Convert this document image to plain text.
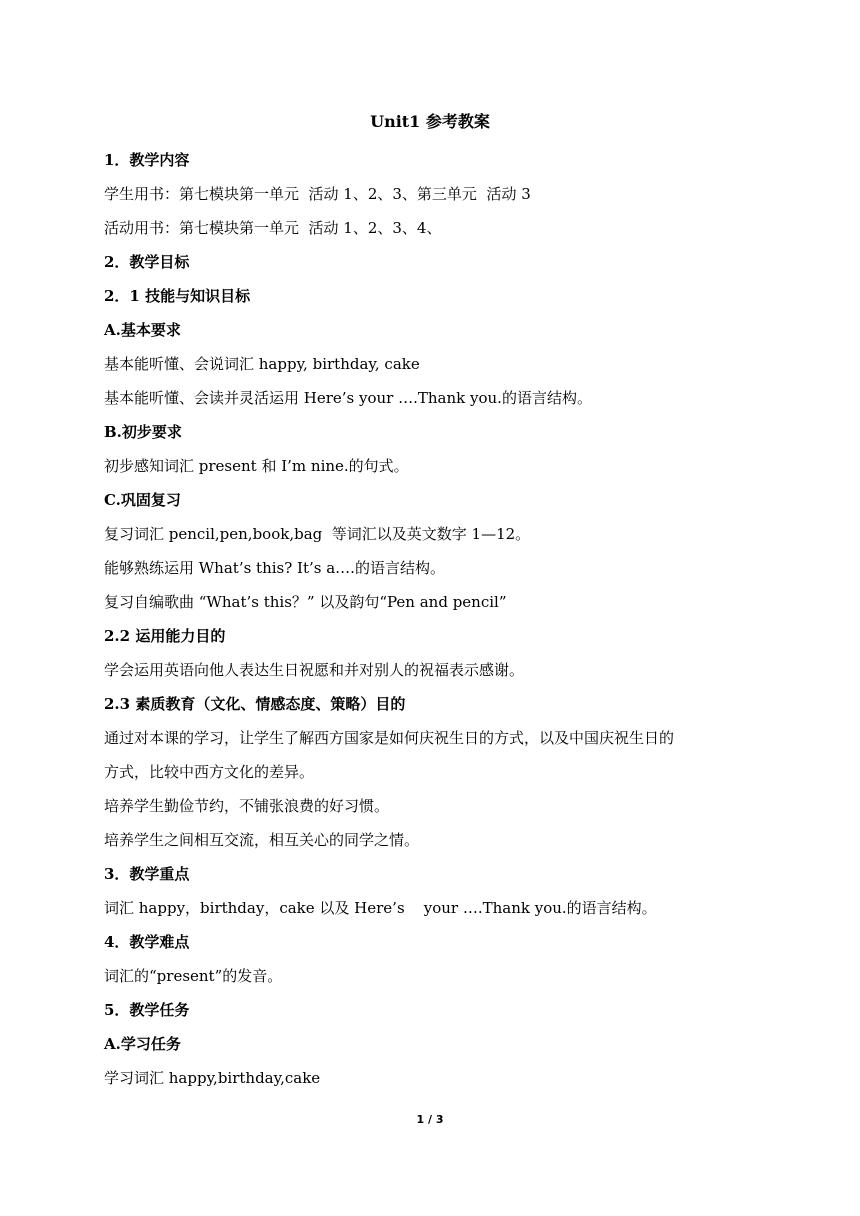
Unit1 参考教案
1．教学内容
学生用书：第七模块第一单元  活动 1、2、3、第三单元  活动 3
活动用书：第七模块第一单元  活动 1、2、3、4、
2．教学目标
2．1 技能与知识目标
A.基本要求
基本能听懂、会说词汇 happy, birthday, cake
基本能听懂、会读并灵活运用 Here’s your ….Thank you.的语言结构。
B.初步要求
初步感知词汇 present 和 I’m nine.的句式。
C.巩固复习
复习词汇 pencil,pen,book,bag  等词汇以及英文数字 1—12。
能够熟练运用 What’s this? It’s a….的语言结构。
复习自编歌曲 “What’s this？” 以及韵句“Pen and pencil”
2.2 运用能力目的
学会运用英语向他人表达生日祝愿和并对别人的祝福表示感谢。
2.3 素质教育（文化、情感态度、策略）目的
通过对本课的学习，让学生了解西方国家是如何庆祝生日的方式，以及中国庆祝生日的
方式，比较中西方文化的差异。
培养学生勤俭节约，不铺张浪费的好习惯。
培养学生之间相互交流，相互关心的同学之情。
3．教学重点
词汇 happy，birthday，cake 以及 Here’s    your ….Thank you.的语言结构。
4．教学难点
词汇的“present”的发音。
5．教学任务
A.学习任务
学习词汇 happy,birthday,cake
1 / 3
